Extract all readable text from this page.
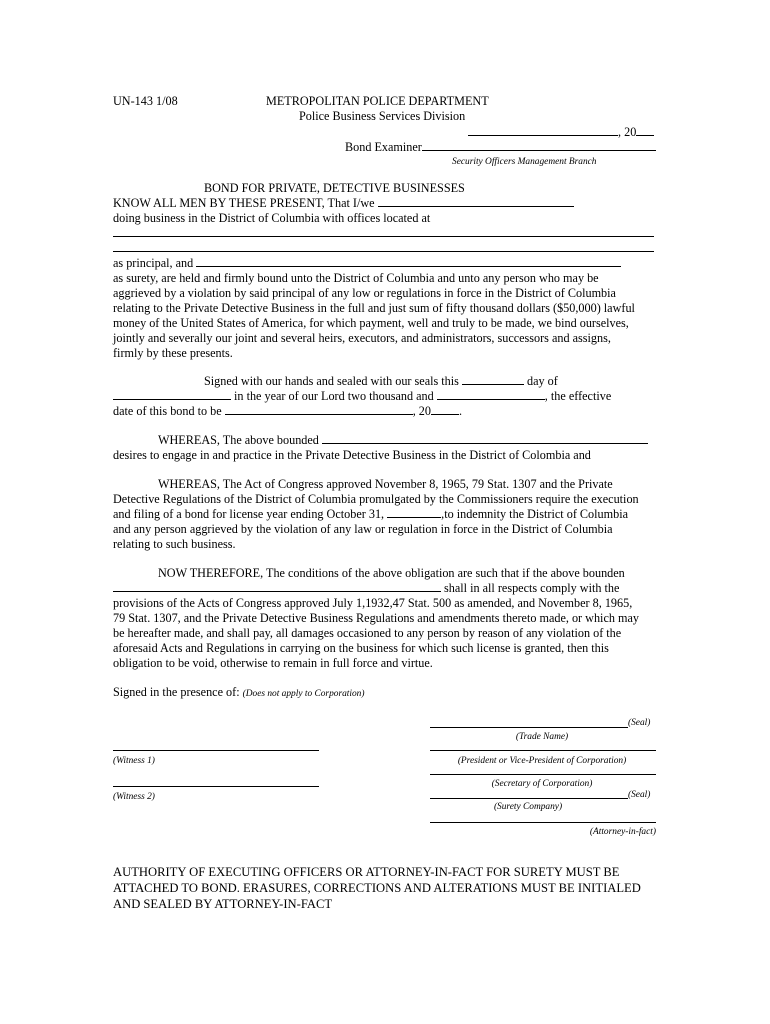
UN-143 1/08	METROPOLITAN POLICE DEPARTMENT
Police Business Services Division
, 20
Bond Examiner
Security Officers Management Branch
BOND FOR PRIVATE, DETECTIVE BUSINESSES
KNOW ALL MEN BY THESE PRESENT, That I/we
doing business in the District of Columbia with offices located at
as principal, and
as surety, are held and firmly bound unto the District of Columbia and unto any person who may be
aggrieved by a violation by said principal of any low or regulations in force in the District of Columbia
relating to the Private Detective Business in the full and just sum of fifty thousand dollars ($50,000) lawful
money of the United States of America, for which payment, well and truly to be made, we bind ourselves,
jointly and severally our joint and several heirs, executors, and administrators, successors and assigns,
firmly by these presents.
Signed with our hands and sealed with our seals this	day of
in the year of our Lord two thousand and	, the effective
date of this bond to be	, 20 .
WHEREAS, The above bounded
desires to engage in and practice in the Private Detective Business in the District of Colombia and
WHEREAS, The Act of Congress approved November 8, 1965, 79 Stat. 1307 and the Private
Detective Regulations of the District of Columbia promulgated by the Commissioners require the execution
and filing of a bond for license year ending October 31,	,to indemnity the District of Columbia
and any person aggrieved by the violation of any law or regulation in force in the District of Columbia
relating to such business.
NOW THEREFORE, The conditions of the above obligation are such that if the above bounden
shall in all respects comply with the
provisions of the Acts of Congress approved July 1,1932,47 Stat. 500 as amended, and November 8, 1965,
79 Stat. 1307, and the Private Detective Business Regulations and amendments thereto made, or which may
be hereafter made, and shall pay, all damages occasioned to any person by reason of any violation of the
aforesaid Acts and Regulations in carrying on the business for which such license is granted, then this
obligation to be void, otherwise to remain in full force and virtue.
Signed in the presence of: (Does not apply to Corporation)
(Seal)
(Trade Name)
(Witness 1)	(President or Vice-President of Corporation)
(Secretary of Corporation)
(Witness 2)	(Seal)
(Surety Company)
(Attorney-in-fact)
AUTHORITY OF EXECUTING OFFICERS OR ATTORNEY-IN-FACT FOR SURETY MUST BE
ATTACHED TO BOND. ERASURES, CORRECTIONS AND ALTERATIONS MUST BE INITIALED
AND SEALED BY ATTORNEY-IN-FACT
